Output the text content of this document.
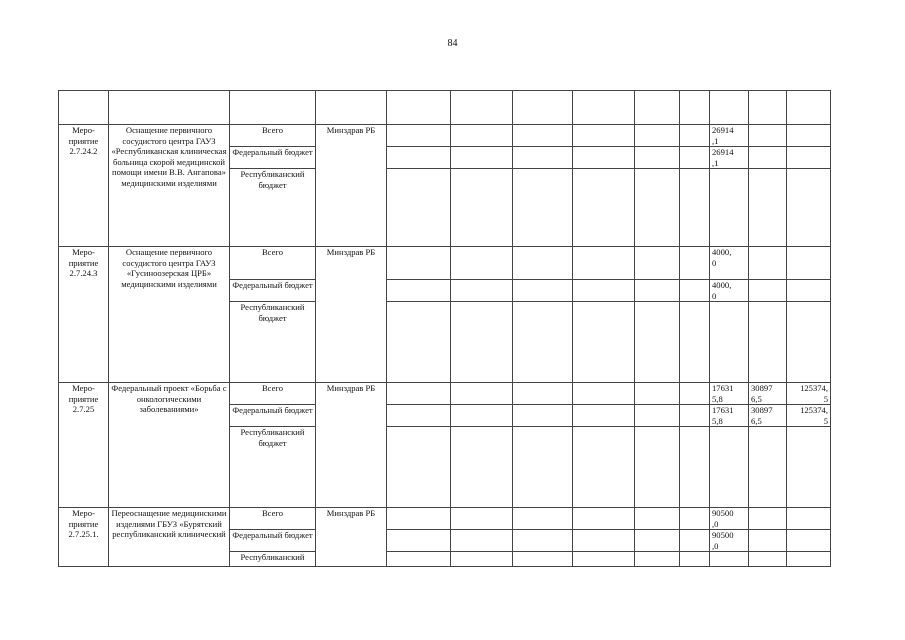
84

Меро-
приятие
2.7.24.2	Оснащение первичного сосудистого центра ГАУЗ «Республиканская клиническая больница скорой медицинской помощи имени В.В. Ангапова» медицинскими изделиями	Всего	Минздрав РБ							26914
,1		
		Федеральный бюджет								26914
,1		
		Республиканский бюджет										
Меро-
приятие
2.7.24.3	Оснащение первичного сосудистого центра ГАУЗ «Гусиноозерская ЦРБ» медицинскими изделиями	Всего	Минздрав РБ							4000,
0		
		Федеральный бюджет								4000,
0		
		Республиканский бюджет										
Меро-
приятие
2.7.25	Федеральный проект «Борьба с онкологическими заболеваниями»	Всего	Минздрав РБ							17631
5,8	30897
6,5	125374,
5
		Федеральный бюджет								17631
5,8	30897
6,5	125374,
5
		Республиканский бюджет										
Меро-
приятие
2.7.25.1.	Переоснащение медицинскими изделиями ГБУЗ «Бурятский республиканский клинический	Всего	Минздрав РБ							90500
,0		
		Федеральный бюджет								90500
,0		
		Республиканский										
